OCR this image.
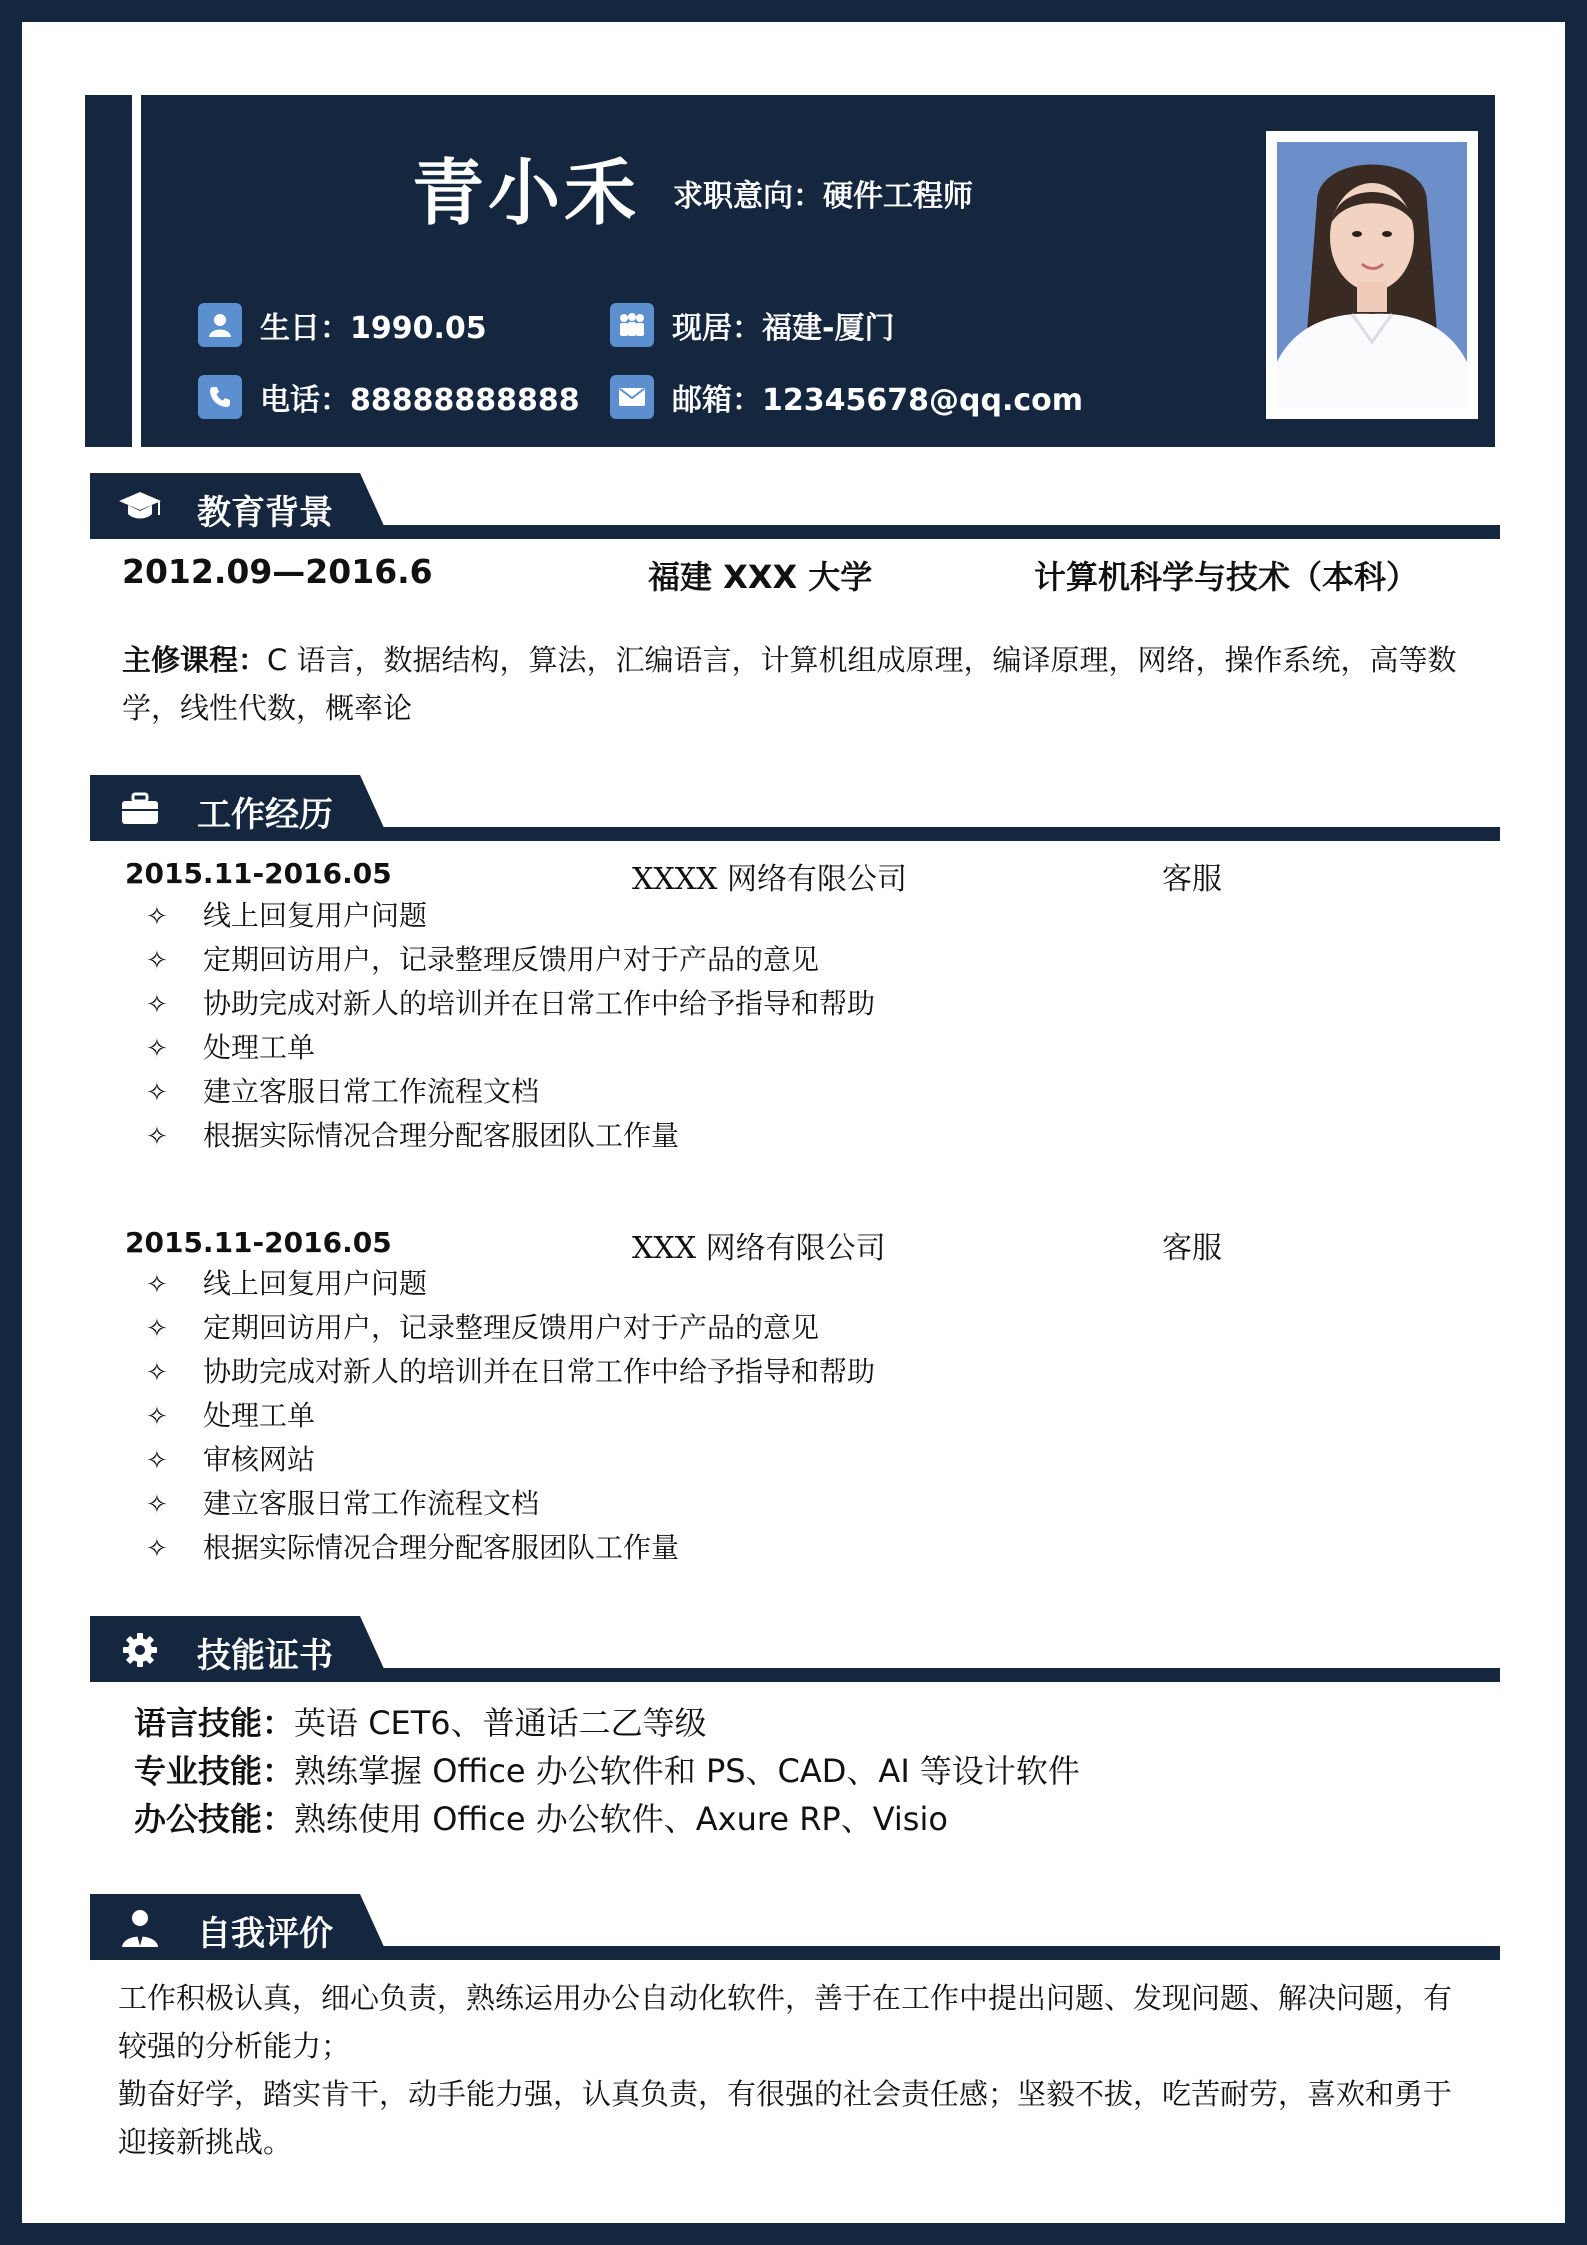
青小禾 求职意向：硬件工程师
生日：1990.05	现居：福建-厦门
电话：88888888888	邮箱：12345678@qq.com
教育背景
2012.09—2016.6	福建 XXX 大学	计算机科学与技术（本科）
主修课程：C 语言，数据结构，算法，汇编语言，计算机组成原理，编译原理，网络，操作系统，高等数
学，线性代数，概率论
工作经历
2015.11-2016.05	XXXX 网络有限公司	客服
✧ 线上回复用户问题
✧ 定期回访用户，记录整理反馈用户对于产品的意见
✧ 协助完成对新人的培训并在日常工作中给予指导和帮助
✧ 处理工单
✧ 建立客服日常工作流程文档
✧ 根据实际情况合理分配客服团队工作量
2015.11-2016.05	XXX 网络有限公司	客服
✧ 线上回复用户问题
✧ 定期回访用户，记录整理反馈用户对于产品的意见
✧ 协助完成对新人的培训并在日常工作中给予指导和帮助
✧ 处理工单
✧ 审核网站
✧ 建立客服日常工作流程文档
✧ 根据实际情况合理分配客服团队工作量
技能证书
语言技能：英语 CET6、普通话二乙等级
专业技能：熟练掌握 Office 办公软件和 PS、CAD、AI 等设计软件
办公技能：熟练使用 Office 办公软件、Axure RP、Visio
自我评价
工作积极认真，细心负责，熟练运用办公自动化软件，善于在工作中提出问题、发现问题、解决问题，有
较强的分析能力；
勤奋好学，踏实肯干，动手能力强，认真负责，有很强的社会责任感；坚毅不拔，吃苦耐劳，喜欢和勇于
迎接新挑战。
